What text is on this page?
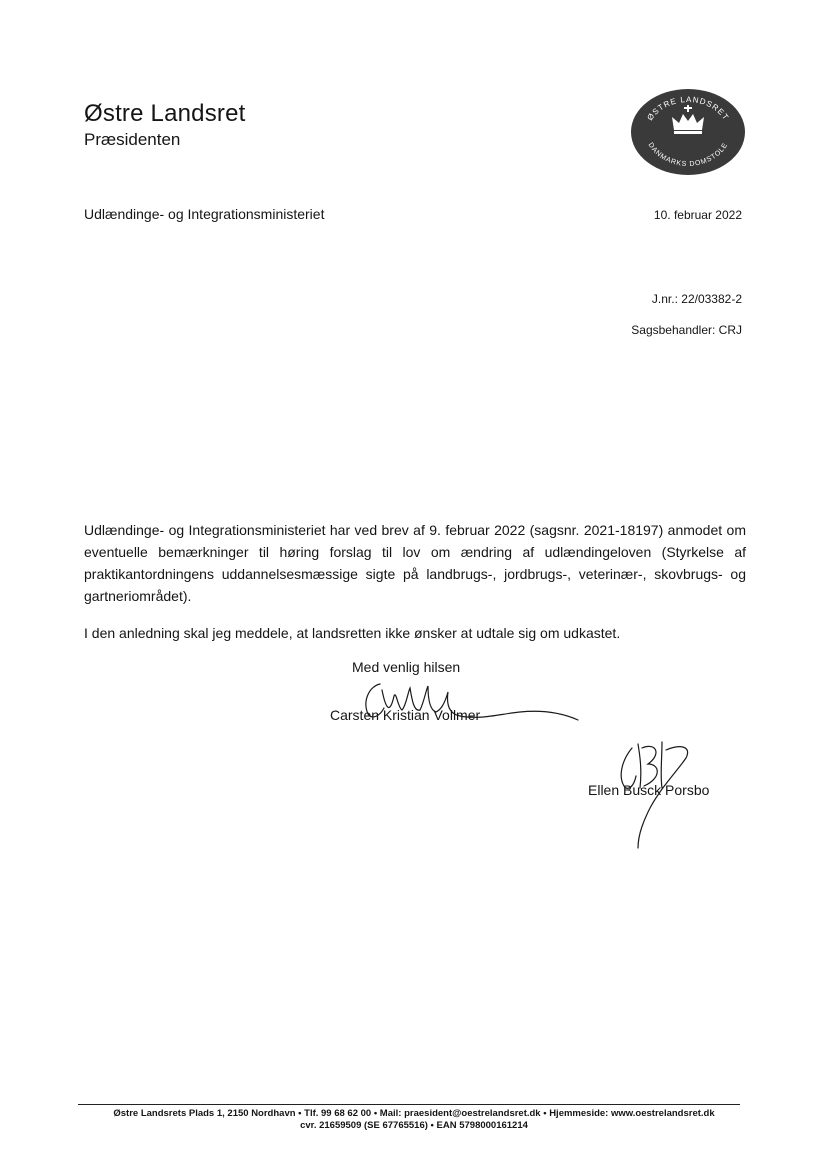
Østre Landsret
Præsidenten
ØSTRE LANDSRET
DANMARKS DOMSTOLE
Udlændinge- og Integrationsministeriet	10. februar 2022
J.nr.: 22/03382-2
Sagsbehandler: CRJ
Udlændinge- og Integrationsministeriet har ved brev af 9. februar 2022 (sagsnr. 2021-18197) anmodet om eventuelle bemærkninger til høring forslag til lov om ændring af udlændingeloven (Styrkelse af praktikantordningens uddannelsesmæssige sigte på landbrugs-, jordbrugs-, veterinær-, skovbrugs- og gartneriområdet).
I den anledning skal jeg meddele, at landsretten ikke ønsker at udtale sig om udkastet.
Med venlig hilsen
Carsten Kristian Vollmer
Ellen Busck Porsbo
Østre Landsrets Plads 1, 2150 Nordhavn • Tlf. 99 68 62 00 • Mail: praesident@oestrelandsret.dk • Hjemmeside: www.oestrelandsret.dk
cvr. 21659509 (SE 67765516) • EAN 5798000161214
